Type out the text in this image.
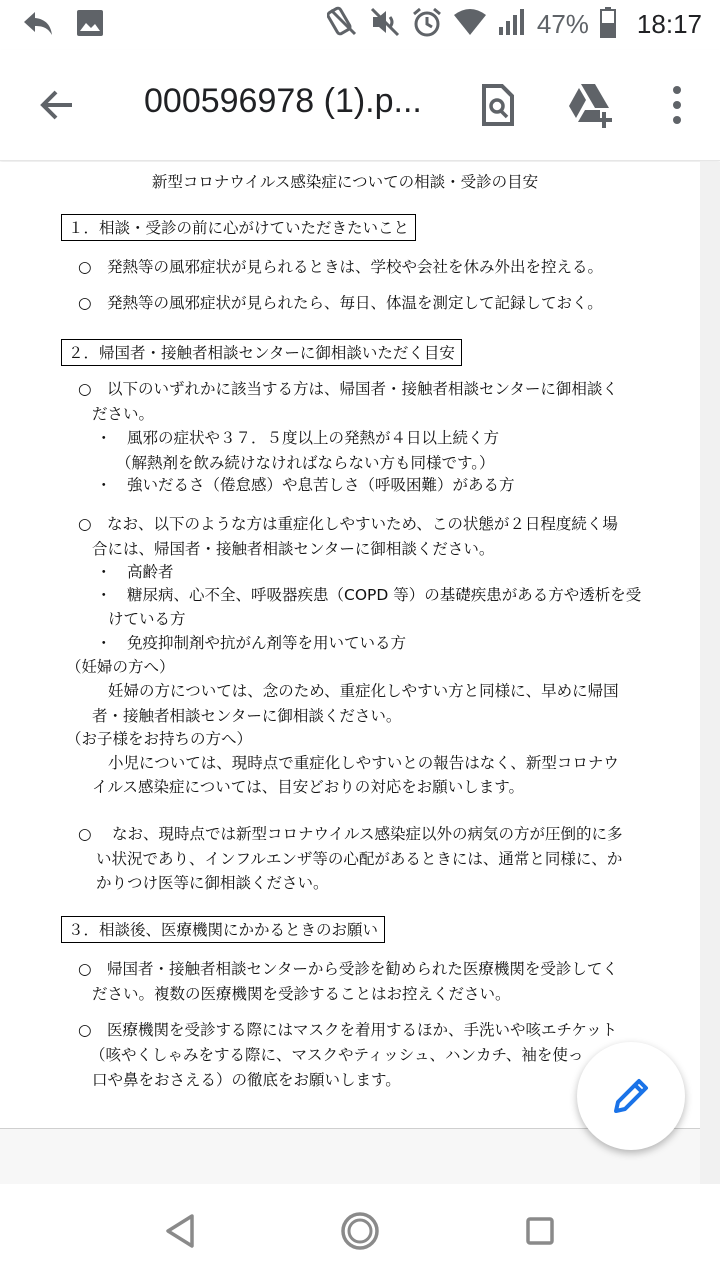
47% 18:17
000596978 (1).p...
新型コロナウイルス感染症についての相談・受診の目安
１．相談・受診の前に心がけていただきたいこと
○　発熱等の風邪症状が見られるときは、学校や会社を休み外出を控える。
○　発熱等の風邪症状が見られたら、毎日、体温を測定して記録しておく。
２．帰国者・接触者相談センターに御相談いただく目安
○　以下のいずれかに該当する方は、帰国者・接触者相談センターに御相談く
ださい。
・　風邪の症状や３７．５度以上の発熱が４日以上続く方
（解熱剤を飲み続けなければならない方も同様です。）
・　強いだるさ（倦怠感）や息苦しさ（呼吸困難）がある方
○　なお、以下のような方は重症化しやすいため、この状態が２日程度続く場
合には、帰国者・接触者相談センターに御相談ください。
・　高齢者
・　糖尿病、心不全、呼吸器疾患（COPD 等）の基礎疾患がある方や透析を受
けている方
・　免疫抑制剤や抗がん剤等を用いている方
（妊婦の方へ）
妊婦の方については、念のため、重症化しやすい方と同様に、早めに帰国
者・接触者相談センターに御相談ください。
（お子様をお持ちの方へ）
小児については、現時点で重症化しやすいとの報告はなく、新型コロナウ
イルス感染症については、目安どおりの対応をお願いします。
○　 なお、現時点では新型コロナウイルス感染症以外の病気の方が圧倒的に多
い状況であり、インフルエンザ等の心配があるときには、通常と同様に、か
かりつけ医等に御相談ください。
３．相談後、医療機関にかかるときのお願い
○　帰国者・接触者相談センターから受診を勧められた医療機関を受診してく
ださい。複数の医療機関を受診することはお控えください。
○　医療機関を受診する際にはマスクを着用するほか、手洗いや咳エチケット
（咳やくしゃみをする際に、マスクやティッシュ、ハンカチ、袖を使っ
口や鼻をおさえる）の徹底をお願いします。
